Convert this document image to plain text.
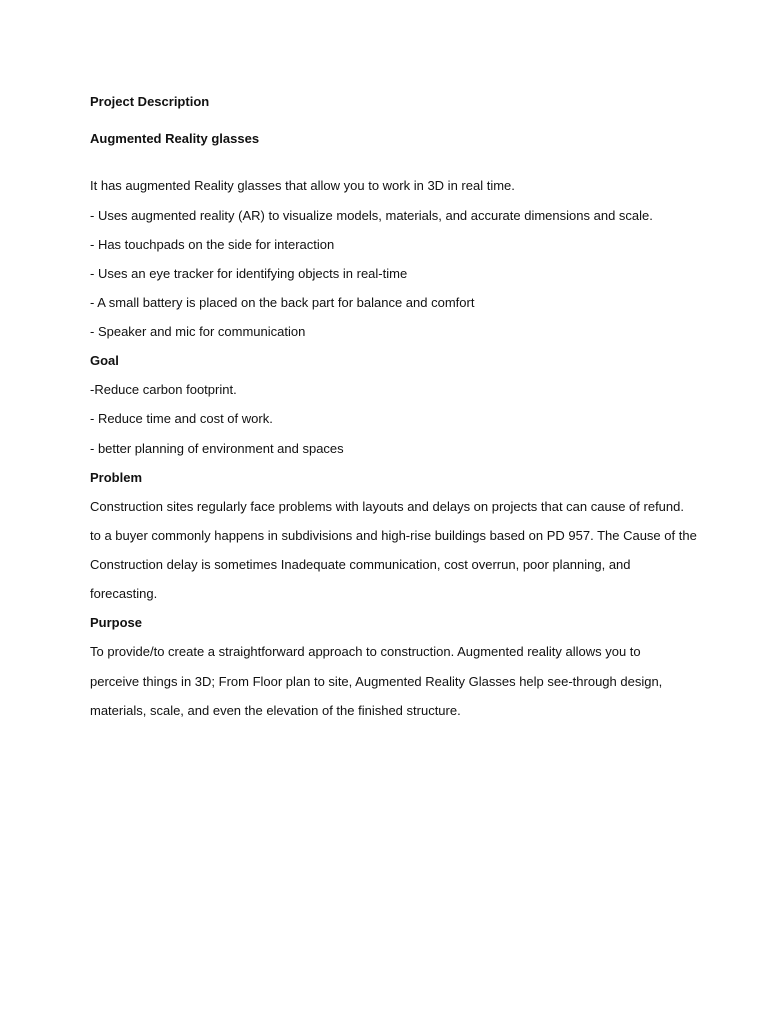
Project Description
Augmented Reality glasses
It has augmented Reality glasses that allow you to work in 3D in real time.
- Uses augmented reality (AR) to visualize models, materials, and accurate dimensions and scale.
- Has touchpads on the side for interaction
- Uses an eye tracker for identifying objects in real-time
- A small battery is placed on the back part for balance and comfort
- Speaker and mic for communication
Goal
-Reduce carbon footprint.
- Reduce time and cost of work.
- better planning of environment and spaces
Problem
Construction sites regularly face problems with layouts and delays on projects that can cause of refund.
to a buyer commonly happens in subdivisions and high-rise buildings based on PD 957. The Cause of the
Construction delay is sometimes Inadequate communication, cost overrun, poor planning, and
forecasting.
Purpose
To provide/to create a straightforward approach to construction. Augmented reality allows you to
perceive things in 3D; From Floor plan to site, Augmented Reality Glasses help see-through design,
materials, scale, and even the elevation of the finished structure.
